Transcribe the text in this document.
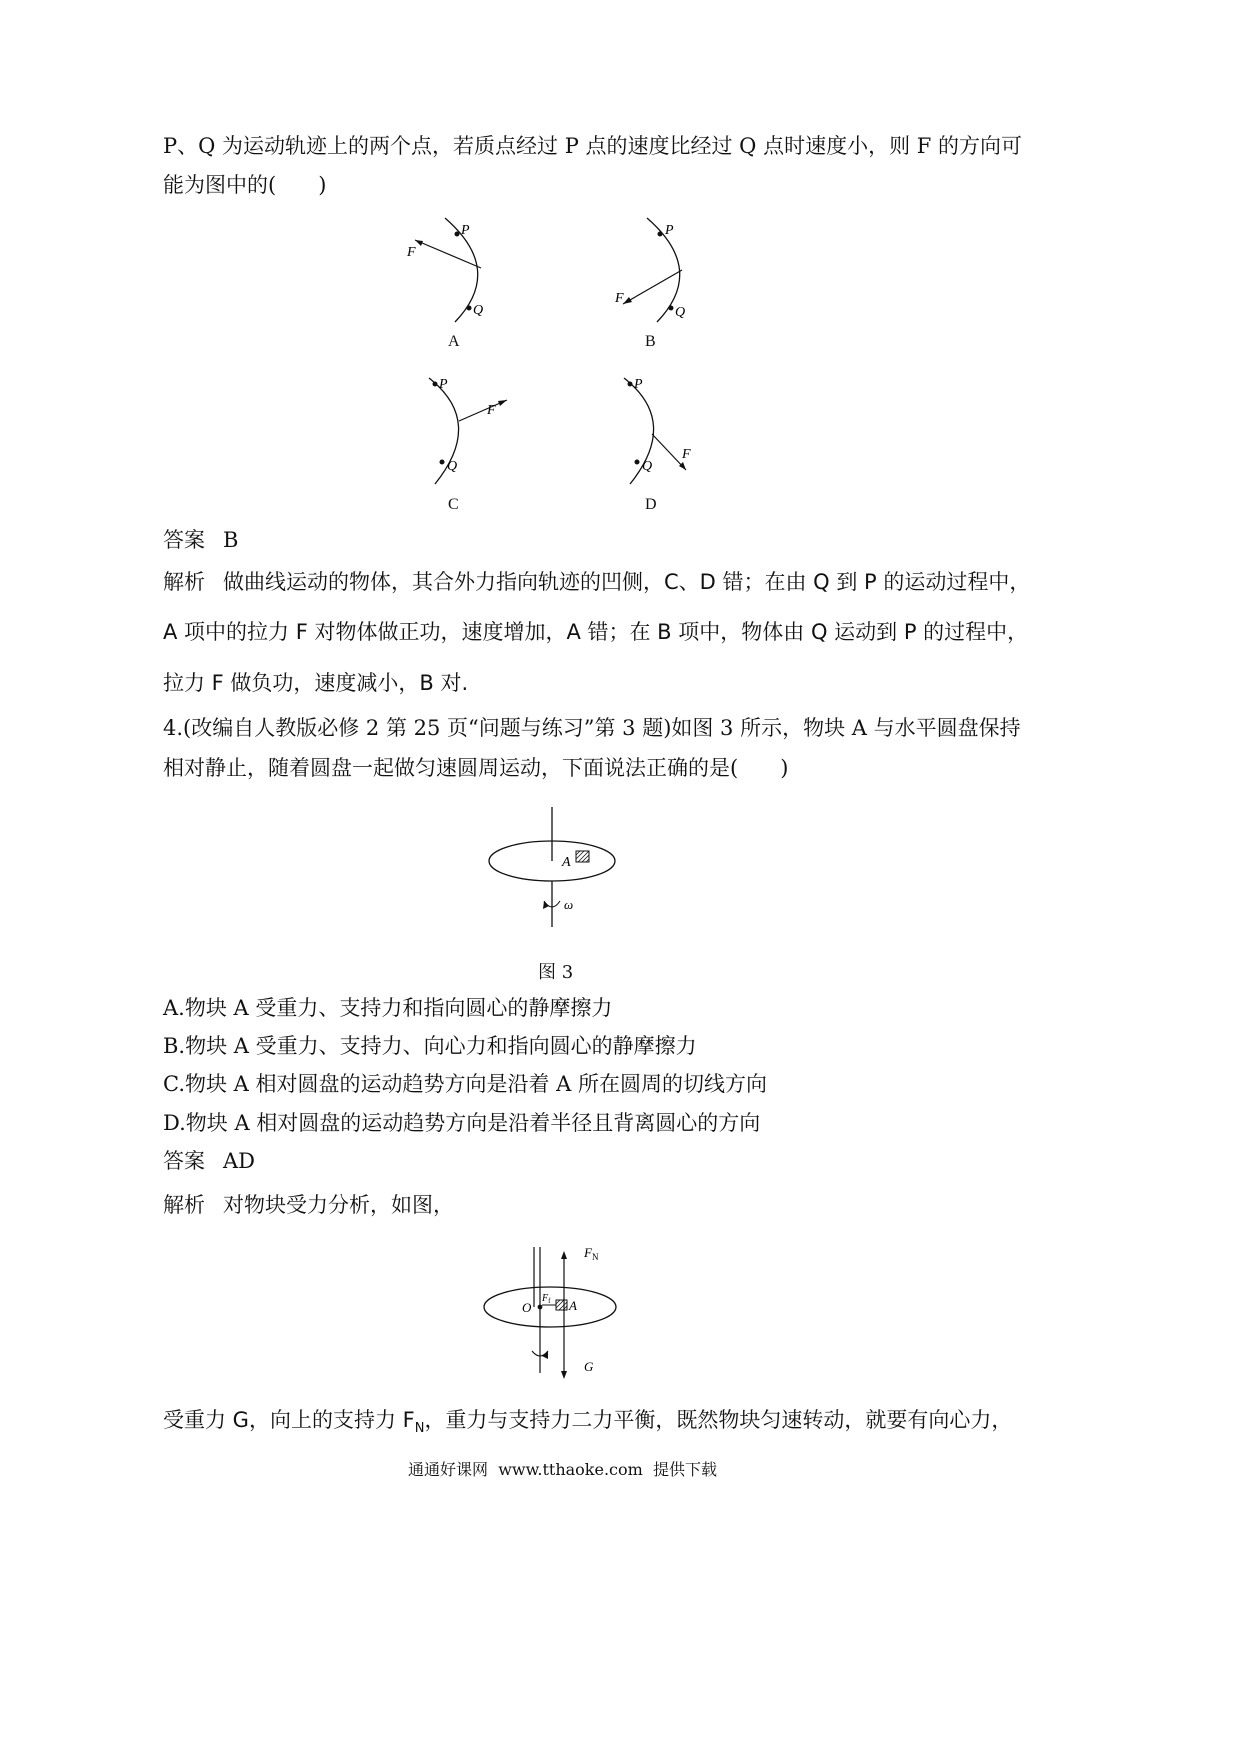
P、Q 为运动轨迹上的两个点，若质点经过 P 点的速度比经过 Q 点时速度小，则 F 的方向可
能为图中的(　　)
P
Q
F
A
P
Q
F
B
P
Q
F
C
P
Q
F
D
答案 B
解析 做曲线运动的物体，其合外力指向轨迹的凹侧，C、D 错；在由 Q 到 P 的运动过程中，
A 项中的拉力 F 对物体做正功，速度增加，A 错；在 B 项中，物体由 Q 运动到 P 的过程中，
拉力 F 做负功，速度减小，B 对.
4.(改编自人教版必修 2 第 25 页“问题与练习”第 3 题)如图 3 所示，物块 A 与水平圆盘保持
相对静止，随着圆盘一起做匀速圆周运动，下面说法正确的是(　　)
A
ω
图 3
A.物块 A 受重力、支持力和指向圆心的静摩擦力
B.物块 A 受重力、支持力、向心力和指向圆心的静摩擦力
C.物块 A 相对圆盘的运动趋势方向是沿着 A 所在圆周的切线方向
D.物块 A 相对圆盘的运动趋势方向是沿着半径且背离圆心的方向
答案 AD
解析 对物块受力分析，如图，
$F_N$
O
$F_f$ A
G
受重力 G，向上的支持力 $F_N$，重力与支持力二力平衡，既然物块匀速转动，就要有向心力，
通通好课网 www.tthaoke.com 提供下载
